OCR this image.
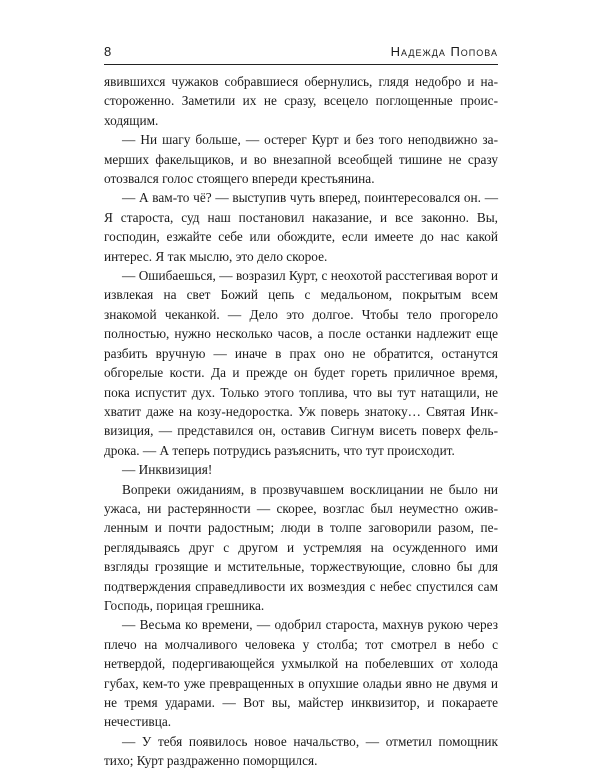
8	Надежда Попова

явившихся чужаков собравшиеся обернулись, глядя недобро и настороженно. Заметили их не сразу, всецело поглощенные происходящим.

— Ни шагу больше, — остерег Курт и без того неподвижно замерших факельщиков, и во внезапной всеобщей тишине не сразу отозвался голос стоящего впереди крестьянина.

— А вам-то чё? — выступив чуть вперед, поинтересовался он. — Я староста, суд наш постановил наказание, и все законно. Вы, господин, езжайте себе или обождите, если имеете до нас какой интерес. Я так мыслю, это дело скорое.

— Ошибаешься, — возразил Курт, с неохотой расстегивая ворот и извлекая на свет Божий цепь с медальоном, покрытым всем знакомой чеканкой. — Дело это долгое. Чтобы тело прогорело полностью, нужно несколько часов, а после останки надлежит еще разбить вручную — иначе в прах оно не обратится, останутся обгорелые кости. Да и прежде он будет гореть приличное время, пока испустит дух. Только этого топлива, что вы тут натащили, не хватит даже на козу-недоростка. Уж поверь знатоку… Святая Инквизиция, — представился он, оставив Сигнум висеть поверх фельдрока. — А теперь потрудись разъяснить, что тут происходит.

— Инквизиция!

Вопреки ожиданиям, в прозвучавшем восклицании не было ни ужаса, ни растерянности — скорее, возглас был неуместно оживленным и почти радостным; люди в толпе заговорили разом, переглядываясь друг с другом и устремляя на осужденного ими взгляды грозящие и мстительные, торжествующие, словно бы для подтверждения справедливости их возмездия с небес спустился сам Господь, порицая грешника.

— Весьма ко времени, — одобрил староста, махнув рукою через плечо на молчаливого человека у столба; тот смотрел в небо с нетвердой, подергивающейся ухмылкой на побелевших от холода губах, кем-то уже превращенных в опухшие оладьи явно не двумя и не тремя ударами. — Вот вы, майстер инквизитор, и покараете нечестивца.

— У тебя появилось новое начальство, — отметил помощник тихо; Курт раздраженно поморщился.
